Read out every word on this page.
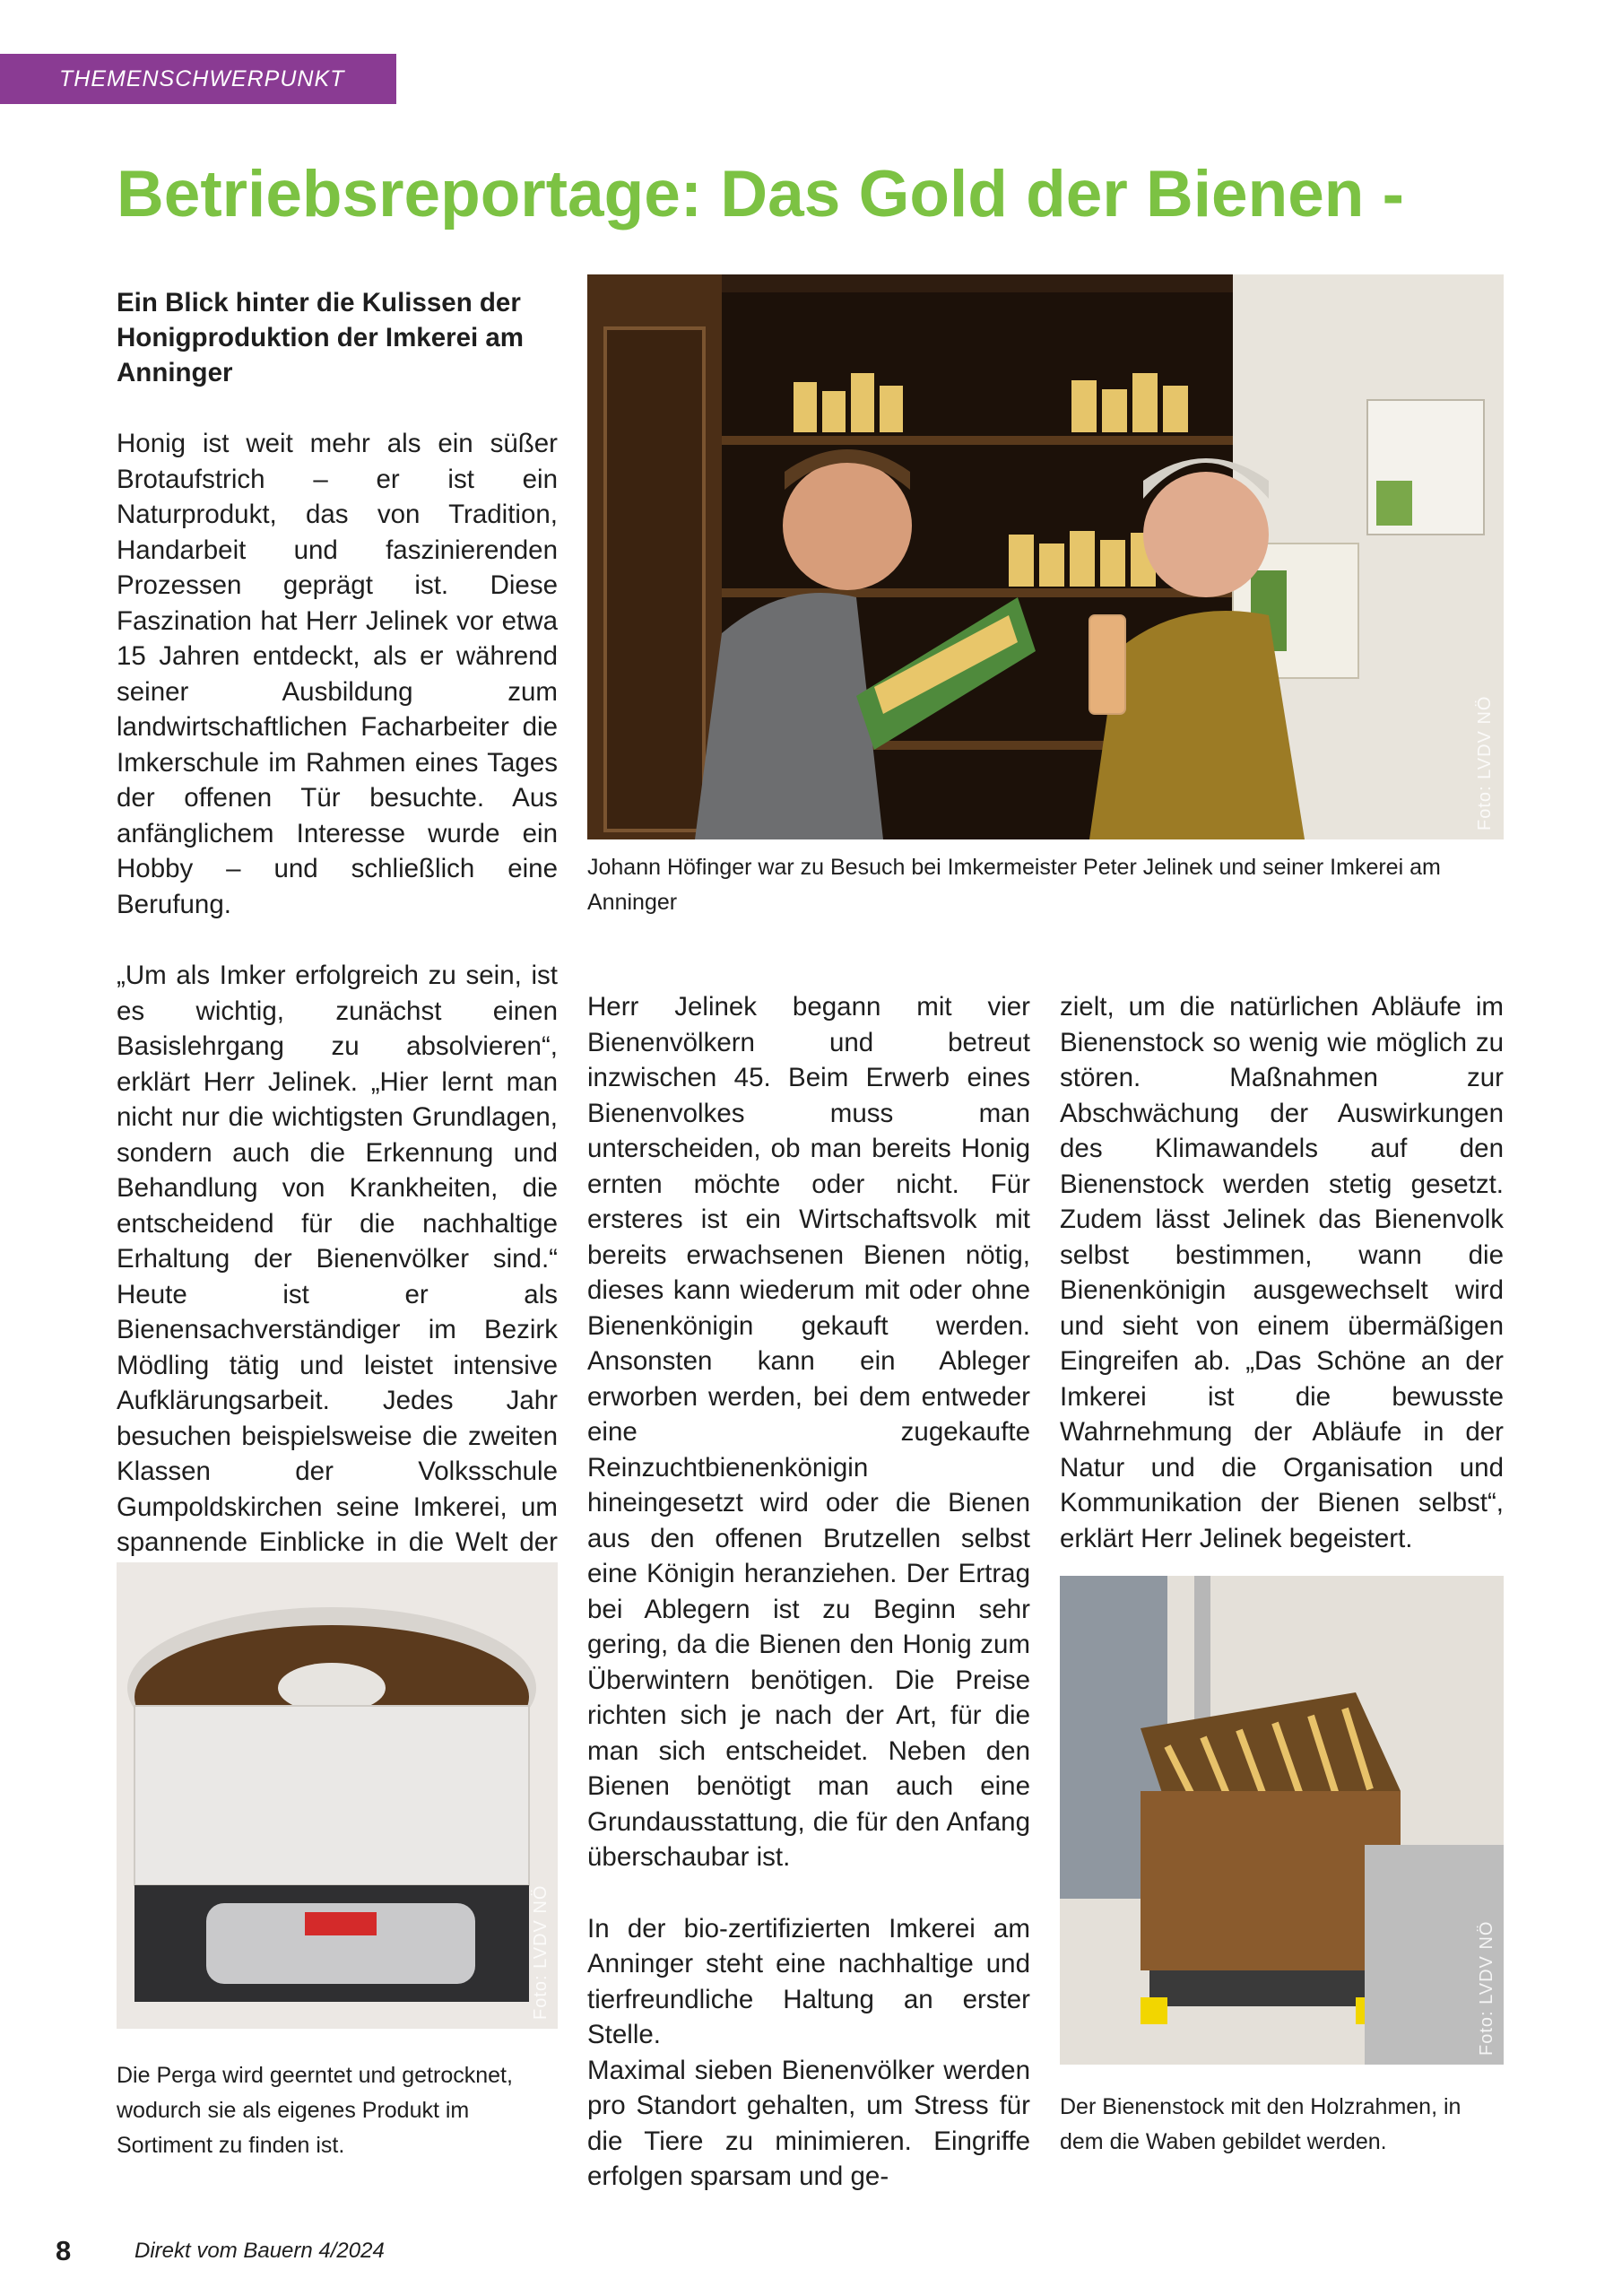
THEMENSCHWERPUNKT
Betriebsreportage: Das Gold der Bienen -

Ein Blick hinter die Kulissen der Honigproduktion der Imkerei am Anninger

Honig ist weit mehr als ein süßer Brotaufstrich – er ist ein Naturprodukt, das von Tradition, Handarbeit und faszinierenden Prozessen geprägt ist. Diese Faszination hat Herr Jelinek vor etwa 15 Jahren entdeckt, als er während seiner Ausbildung zum landwirtschaftlichen Facharbeiter die Imkerschule im Rahmen eines Tages der offenen Tür besuchte. Aus anfänglichem Interesse wurde ein Hobby – und schließlich eine Berufung.

„Um als Imker erfolgreich zu sein, ist es wichtig, zunächst einen Basislehrgang zu absolvieren“, erklärt Herr Jelinek. „Hier lernt man nicht nur die wichtigsten Grundlagen, sondern auch die Erkennung und Behandlung von Krankheiten, die entscheidend für die nachhaltige Erhaltung der Bienenvölker sind.“ Heute ist er als Bienensachverständiger im Bezirk Mödling tätig und leistet intensive Aufklärungsarbeit. Jedes Jahr besuchen beispielsweise die zweiten Klassen der Volksschule Gumpoldskirchen seine Imkerei, um spannende Einblicke in die Welt der

Foto: LVDV NÖ
Johann Höfinger war zu Besuch bei Imkermeister Peter Jelinek und seiner Imkerei am Anninger

Herr Jelinek begann mit vier Bienenvölkern und betreut inzwischen 45. Beim Erwerb eines Bienenvolkes muss man unterscheiden, ob man bereits Honig ernten möchte oder nicht. Für ersteres ist ein Wirtschaftsvolk mit bereits erwachsenen Bienen nötig, dieses kann wiederum mit oder ohne Bienenkönigin gekauft werden. Ansonsten kann ein Ableger erworben werden, bei dem entweder eine zugekaufte Reinzuchtbienenkönigin hineingesetzt wird oder die Bienen aus den offenen Brutzellen selbst eine Königin heranziehen. Der Ertrag bei Ablegern ist zu Beginn sehr gering, da die Bienen den Honig zum Überwintern benötigen. Die Preise richten sich je nach der Art, für die man sich entscheidet. Neben den Bienen benötigt man auch eine Grundausstattung, die für den Anfang überschaubar ist.

In der bio-zertifizierten Imkerei am Anninger steht eine nachhaltige und tierfreundliche Haltung an erster Stelle.

Maximal sieben Bienenvölker werden pro Standort gehalten, um Stress für die Tiere zu minimieren. Eingriffe erfolgen sparsam und ge-

zielt, um die natürlichen Abläufe im Bienenstock so wenig wie möglich zu stören. Maßnahmen zur Abschwächung der Auswirkungen des Klimawandels auf den Bienenstock werden stetig gesetzt. Zudem lässt Jelinek das Bienenvolk selbst bestimmen, wann die Bienenkönigin ausgewechselt wird und sieht von einem übermäßigen Eingreifen ab. „Das Schöne an der Imkerei ist die bewusste Wahrnehmung der Abläufe in der Natur und die Organisation und Kommunikation der Bienen selbst“, erklärt Herr Jelinek begeistert.

Foto: LVDV NÖ
Die Perga wird geerntet und getrocknet, wodurch sie als eigenes Produkt im Sortiment zu finden ist.
Foto: LVDV NÖ
Der Bienenstock mit den Holzrahmen, in dem die Waben gebildet werden.
8	Direkt vom Bauern 4/2024
